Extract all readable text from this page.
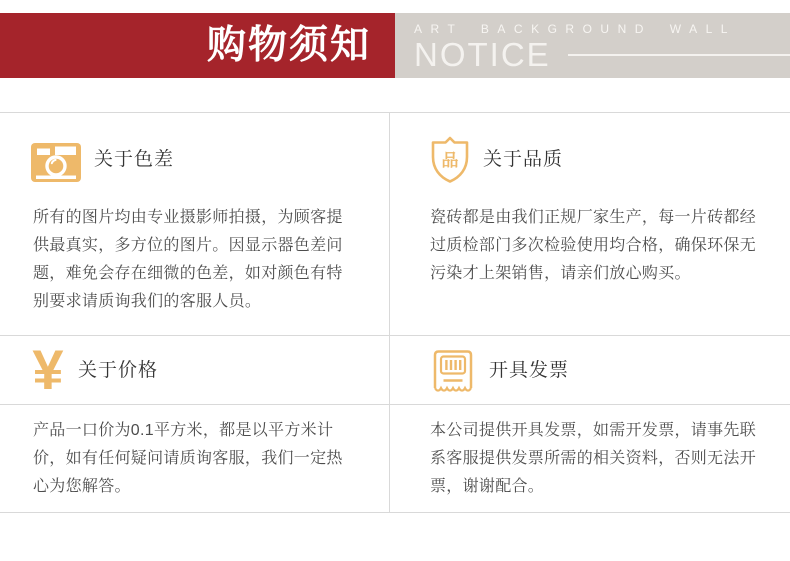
购物须知	ART BACKGROUND WALL
NOTICE
关于色差	品 关于品质
所有的图片均由专业摄影师拍摄，为顾客提供最真实，多方位的图片。因显示器色差问题，难免会存在细微的色差，如对颜色有特别要求请质询我们的客服人员。
瓷砖都是由我们正规厂家生产，每一片砖都经过质检部门多次检验使用均合格，确保环保无污染才上架销售，请亲们放心购买。
¥ 关于价格	开具发票
产品一口价为0.1平方米，都是以平方米计价，如有任何疑问请质询客服，我们一定热心为您解答。
本公司提供开具发票，如需开发票，请事先联系客服提供发票所需的相关资料，否则无法开票，谢谢配合。
